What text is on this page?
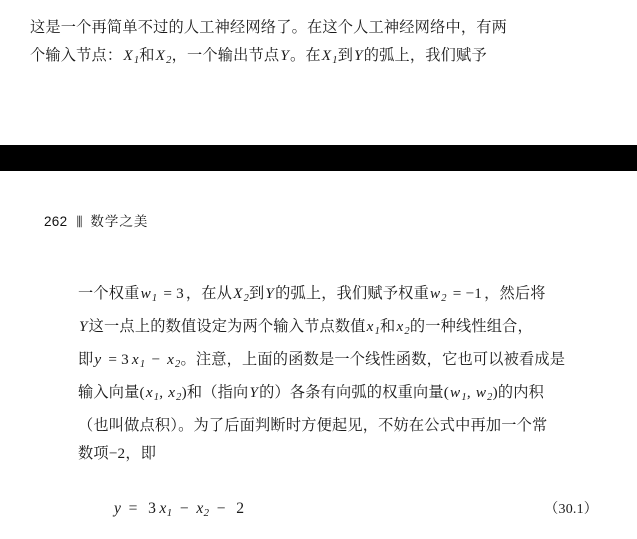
这是一个再简单不过的人工神经网络了。在这个人工神经网络中，有两
个输入节点：$X_1$和$X_2$，一个输出节点Y。在$X_1$到Y的弧上，我们赋予
262 ⫼ 数学之美
一个权重$w_1 = 3$ ，在从$X_2$到Y的弧上，我们赋予权重$w_2 = -1$ ，然后将
Y这一点上的数值设定为两个输入节点数值$x_1$和$x_2$的一种线性组合，
即y = 3 $x_1 - x_2$。注意，上面的函数是一个线性函数，它也可以被看成是
输入向量($x_1$, $x_2$)和（指向Y的）各条有向弧的权重向量($w_1$, $w_2$)的内积
（也叫做点积）。为了后面判断时方便起见，不妨在公式中再加一个常
数项−2，即
y = 3 $x_1 - x_2 - 2$	（30.1）
